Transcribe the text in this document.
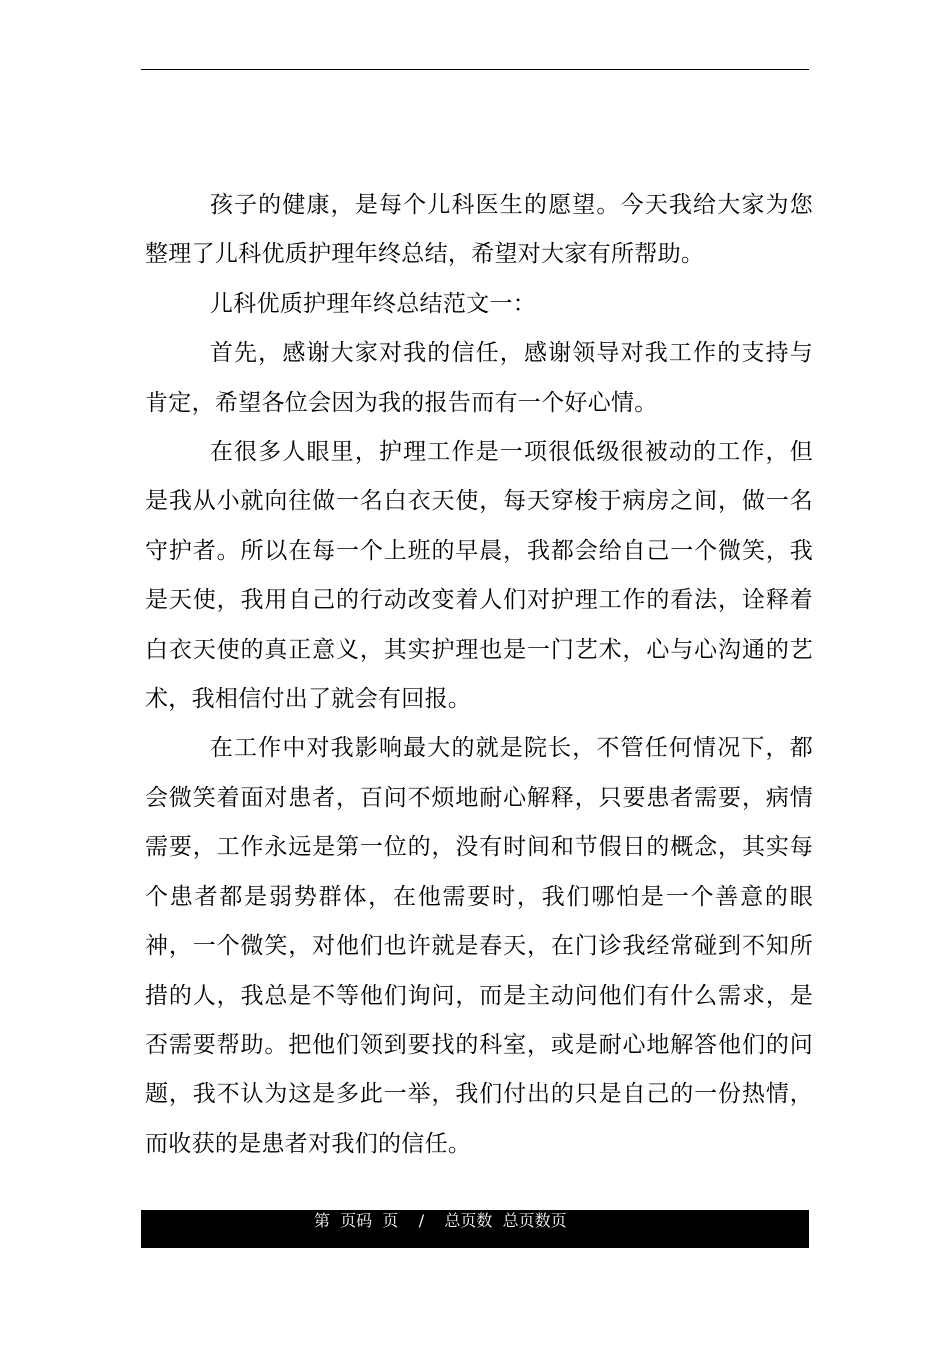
孩子的健康，是每个儿科医生的愿望。今天我给大家为您整理了儿科优质护理年终总结，希望对大家有所帮助。

儿科优质护理年终总结范文一：

首先，感谢大家对我的信任，感谢领导对我工作的支持与肯定，希望各位会因为我的报告而有一个好心情。

在很多人眼里，护理工作是一项很低级很被动的工作，但是我从小就向往做一名白衣天使，每天穿梭于病房之间，做一名守护者。所以在每一个上班的早晨，我都会给自己一个微笑，我是天使，我用自己的行动改变着人们对护理工作的看法，诠释着白衣天使的真正意义，其实护理也是一门艺术，心与心沟通的艺术，我相信付出了就会有回报。

在工作中对我影响最大的就是院长，不管任何情况下，都会微笑着面对患者，百问不烦地耐心解释，只要患者需要，病情需要，工作永远是第一位的，没有时间和节假日的概念，其实每个患者都是弱势群体，在他需要时，我们哪怕是一个善意的眼神，一个微笑，对他们也许就是春天，在门诊我经常碰到不知所措的人，我总是不等他们询问，而是主动问他们有什么需求，是否需要帮助。把他们领到要找的科室，或是耐心地解答他们的问题，我不认为这是多此一举，我们付出的只是自己的一份热情，而收获的是患者对我们的信任。

第  页码  页    /    总页数  总页数页
